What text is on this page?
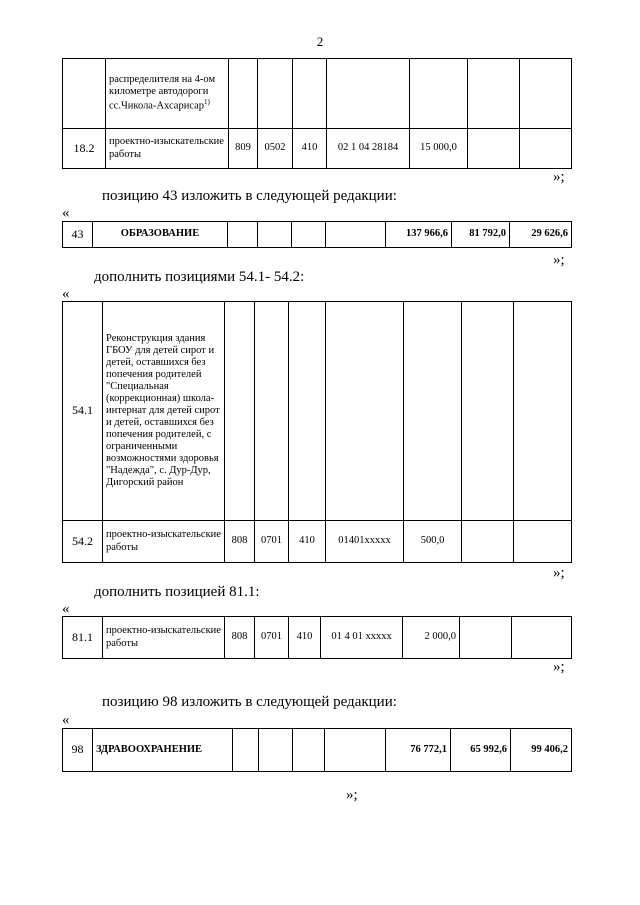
2
	распределителя на 4-ом километре автодороги сс.Чикола-Ахсарисар$^{1)}$							
18.2	проектно-изыскательские работы	809	0502	410	02 1 04 28184	15 000,0		
»;
позицию 43 изложить в следующей редакции:
«
43	ОБРАЗОВАНИЕ					137 966,6	81 792,0	29 626,6
»;
дополнить позициями 54.1- 54.2:
«
54.1	Реконструкция здания ГБОУ для детей сирот и детей, оставшихся без попечения родителей "Специальная (коррекционная) школа-интернат для детей сирот и детей, оставшихся без попечения родителей, с ограниченными возможностями здоровья "Надежда", с. Дур-Дур, Дигорский район							
54.2	проектно-изыскательские работы	808	0701	410	01401xxxxx	500,0		
»;
дополнить позицией 81.1:
«
81.1	проектно-изыскательские работы	808	0701	410	01 4 01 xxxxx	2 000,0		
»;
позицию 98 изложить в следующей редакции:
«
98	ЗДРАВООХРАНЕНИЕ					76 772,1	65 992,6	99 406,2
»;
